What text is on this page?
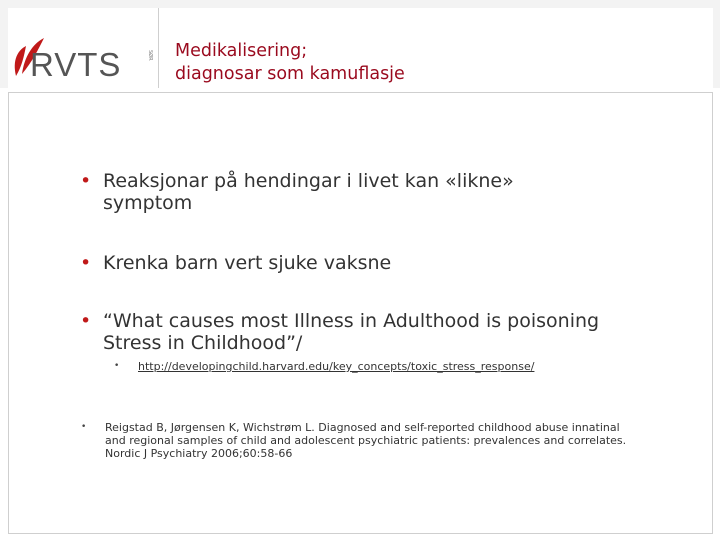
RVTS	SØR Medikalisering;
diagnosar som kamuflasje
• Reaksjonar på hendingar i livet kan «likne» symptom
• Krenka barn vert sjuke vaksne
• “What causes most Illness in Adulthood is poisoning Stress in Childhood”/
•	http://developingchild.harvard.edu/key_concepts/toxic_stress_response/
•	Reigstad B, Jørgensen K, Wichstrøm L. Diagnosed and self-reported childhood abuse innatinal and regional samples of child and adolescent psychiatric patients: prevalences and correlates. Nordic J Psychiatry 2006;60:58-66
